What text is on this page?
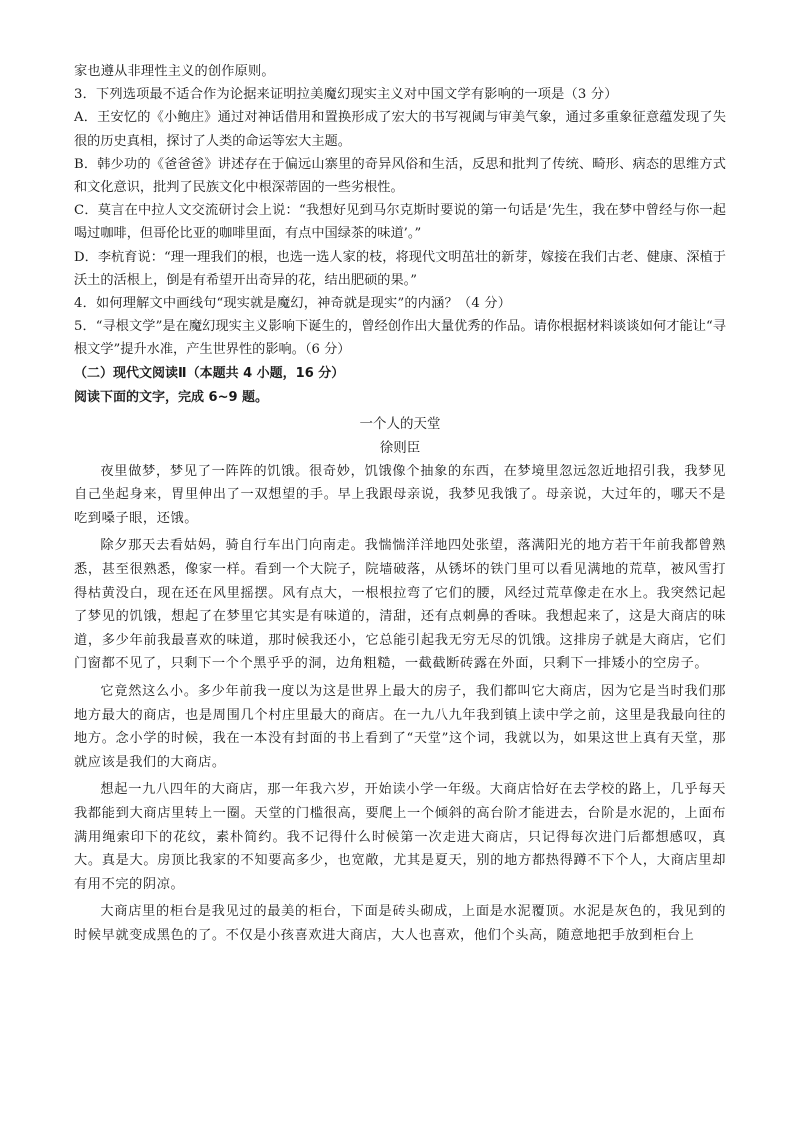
家也遵从非理性主义的创作原则。
3．下列选项最不适合作为论据来证明拉美魔幻现实主义对中国文学有影响的一项是（3 分）

A．王安忆的《小鲍庄》通过对神话借用和置换形成了宏大的书写视阈与审美气象，通过多重象征意蕴发现了失很的历史真相，探讨了人类的命运等宏大主题。

B．韩少功的《爸爸爸》讲述存在于偏远山寨里的奇异风俗和生活，反思和批判了传统、畸形、病态的思维方式和文化意识，批判了民族文化中根深蒂固的一些劣根性。

C．莫言在中拉人文交流研讨会上说：“我想好见到马尔克斯时要说的第一句话是‘先生，我在梦中曾经与你一起喝过咖啡，但哥伦比亚的咖啡里面，有点中国绿茶的味道’。”

D．李杭育说：“理一理我们的根，也选一选人家的枝，将现代文明茁壮的新芽，嫁接在我们古老、健康、深植于沃土的活根上，倒是有希望开出奇异的花，结出肥硕的果。”

4．如何理解文中画线句“现实就是魔幻，神奇就是现实”的内涵？（4 分）

5．“寻根文学”是在魔幻现实主义影响下诞生的，曾经创作出大量优秀的作品。请你根据材料谈谈如何才能让“寻根文学”提升水准，产生世界性的影响。（6 分）

（二）现代文阅读Ⅱ（本题共 4 小题，16 分）
阅读下面的文字，完成 6~9 题。
一个人的天堂
徐则臣

夜里做梦，梦见了一阵阵的饥饿。很奇妙，饥饿像个抽象的东西，在梦境里忽远忽近地招引我，我梦见自己坐起身来，胃里伸出了一双想望的手。早上我跟母亲说，我梦见我饿了。母亲说，大过年的，哪天不是吃到嗓子眼，还饿。

除夕那天去看姑妈，骑自行车出门向南走。我惴惴洋洋地四处张望，落满阳光的地方若干年前我都曾熟悉，甚至很熟悉，像家一样。看到一个大院子，院墙破落，从锈坏的铁门里可以看见满地的荒草，被风雪打得枯黄没白，现在还在风里摇摆。风有点大，一根根拉弯了它们的腰，风经过荒草像走在水上。我突然记起了梦见的饥饿，想起了在梦里它其实是有味道的，清甜，还有点刺鼻的香味。我想起来了，这是大商店的味道，多少年前我最喜欢的味道，那时候我还小，它总能引起我无穷无尽的饥饿。这排房子就是大商店，它们门窗都不见了，只剩下一个个黑乎乎的洞，边角粗糙，一截截断砖露在外面，只剩下一排矮小的空房子。

它竟然这么小。多少年前我一度以为这是世界上最大的房子，我们都叫它大商店，因为它是当时我们那地方最大的商店，也是周围几个村庄里最大的商店。在一九八九年我到镇上读中学之前，这里是我最向往的地方。念小学的时候，我在一本没有封面的书上看到了“天堂”这个词，我就以为，如果这世上真有天堂，那就应该是我们的大商店。

想起一九八四年的大商店，那一年我六岁，开始读小学一年级。大商店恰好在去学校的路上，几乎每天我都能到大商店里转上一圈。天堂的门槛很高，要爬上一个倾斜的高台阶才能进去，台阶是水泥的，上面布满用绳索印下的花纹，素朴简约。我不记得什么时候第一次走进大商店，只记得每次进门后都想感叹，真大。真是大。房顶比我家的不知要高多少，也宽敞，尤其是夏天，别的地方都热得蹲不下个人，大商店里却有用不完的阴凉。

大商店里的柜台是我见过的最美的柜台，下面是砖头砌成，上面是水泥覆顶。水泥是灰色的，我见到的时候早就变成黑色的了。不仅是小孩喜欢进大商店，大人也喜欢，他们个头高，随意地把手放到柜台上
